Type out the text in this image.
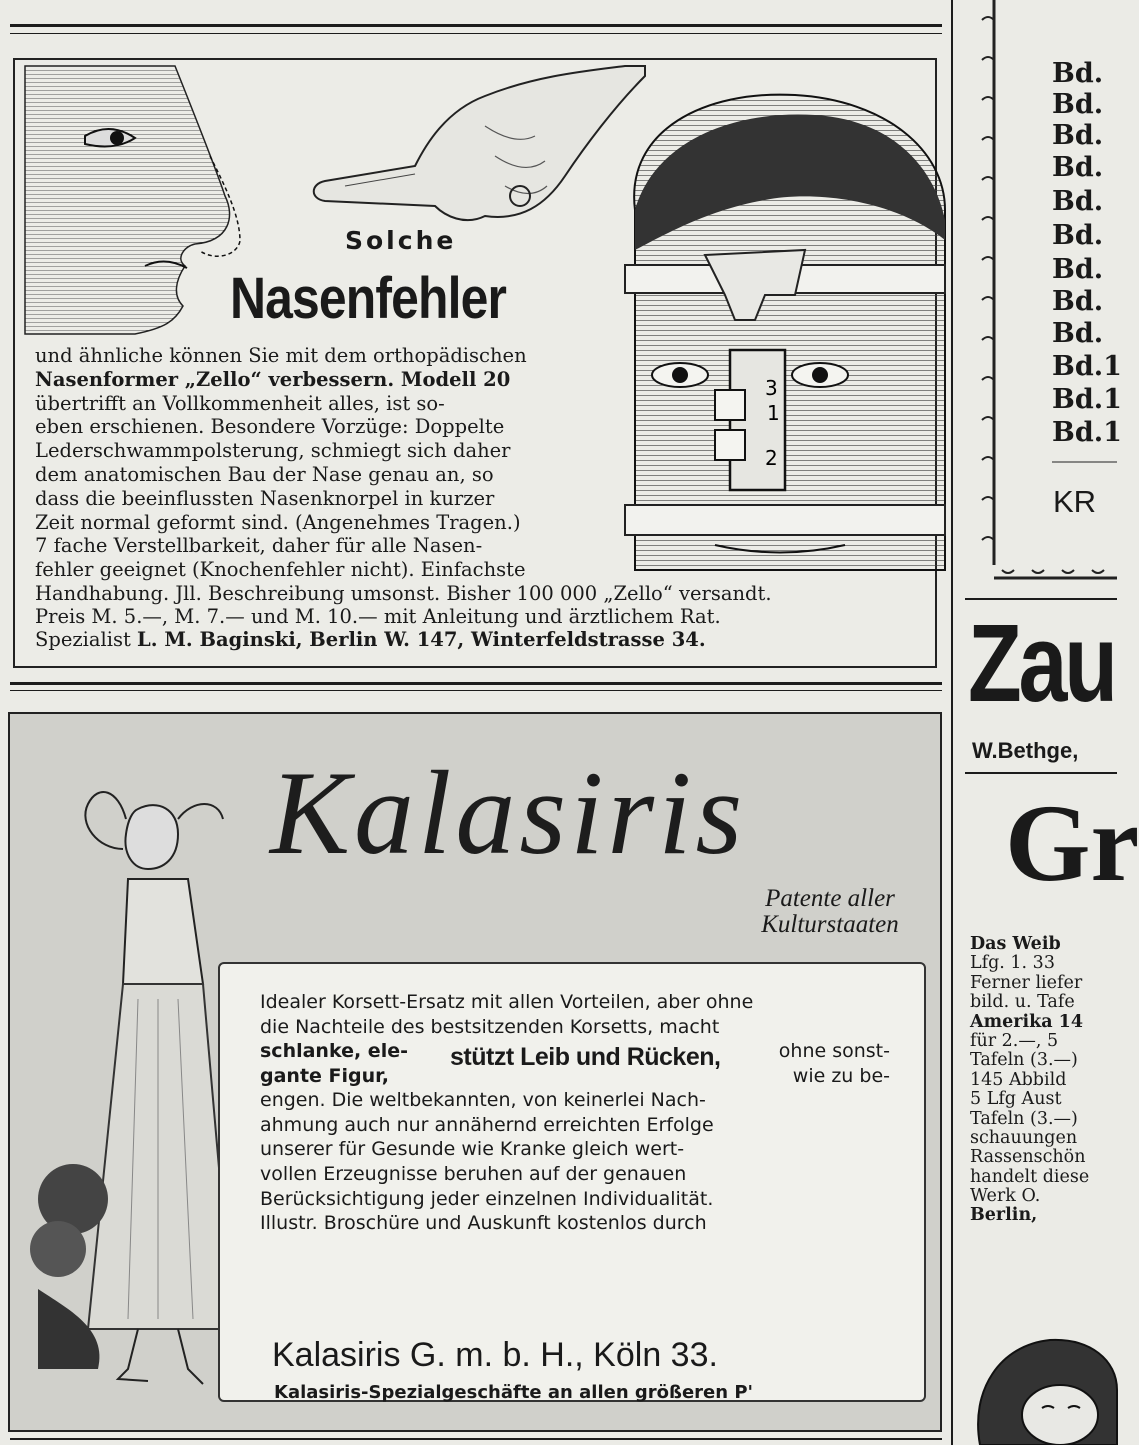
3
1
2
Solche
Nasenfehler

und ähnliche können Sie mit dem orthopädischen

Nasenformer „Zello“ verbessern. Modell 20

übertrifft an Vollkommenheit alles, ist so-

eben erschienen. Besondere Vorzüge: Doppelte

Lederschwammpolsterung, schmiegt sich daher

dem anatomischen Bau der Nase genau an, so

dass die beeinflussten Nasenknorpel in kurzer

Zeit normal geformt sind. (Angenehmes Tragen.)

7 fache Verstellbarkeit, daher für alle Nasen-

fehler geeignet (Knochenfehler nicht). Einfachste

Handhabung. Jll. Beschreibung umsonst. Bisher 100 000 „Zello“ versandt.

Preis M. 5.—, M. 7.— und M. 10.— mit Anleitung und ärztlichem Rat.

Spezialist L. M. Baginski, Berlin W. 147, Winterfeldstrasse 34.

Kalasiris
Patente aller Kulturstaaten

Idealer Korsett-Ersatz mit allen Vorteilen, aber ohne

die Nachteile des bestsitzenden Korsetts, macht

schlanke, ele-
gante Figur,
stützt Leib und Rücken,	ohne sonst-
wie zu be-

engen. Die weltbekannten, von keinerlei Nach-

ahmung auch nur annähernd erreichten Erfolge

unserer für Gesunde wie Kranke gleich wert-

vollen Erzeugnisse beruhen auf der genauen

Berücksichtigung jeder einzelnen Individualität.

Illustr. Broschüre und Auskunft kostenlos durch

Kalasiris G. m. b. H., Köln 33.
Kalasiris-Spezialgeschäfte an allen größeren P'
Bd.
Bd.
Bd.
Bd.
Bd.
Bd.
Bd.
Bd.
Bd.
Bd.1
Bd.1
Bd.1
KR
Zau
W.Bethge,
Gr
Das Weib
Lfg. 1. 33
Ferner liefer
bild. u. Tafe
Amerika 14
für 2.—, 5
Tafeln (3.—)
145 Abbild
5 Lfg Aust
Tafeln (3.—)
schauungen
Rassenschön
handelt diese
Werk O.
Berlin,
